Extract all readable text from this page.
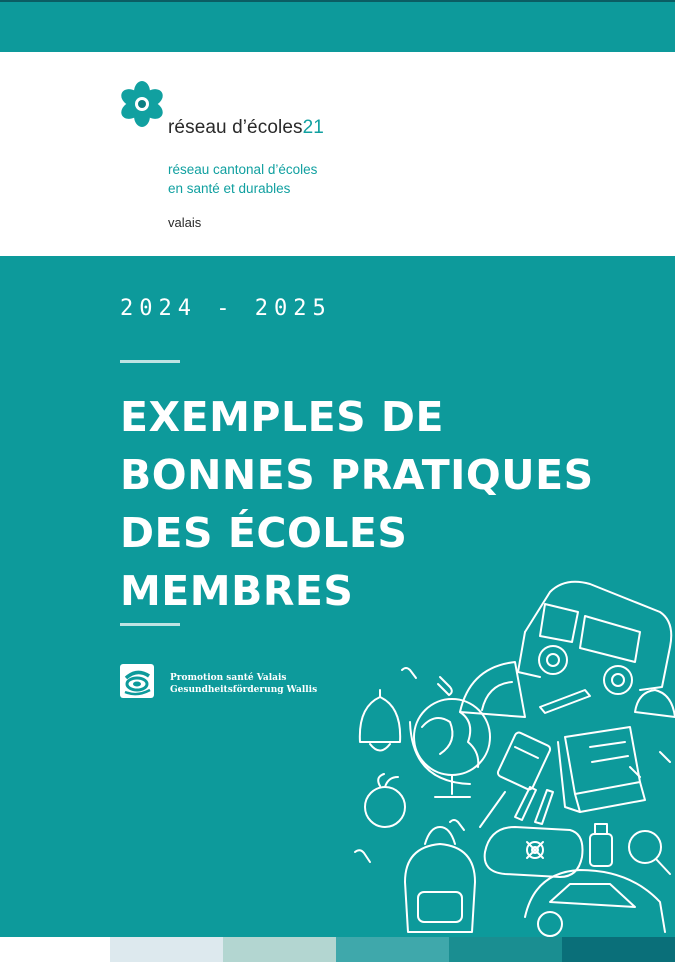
réseau d’écoles21
réseau cantonal d’écoles
en santé et durables
valais
2024 - 2025
EXEMPLES DE
BONNES PRATIQUES
DES ÉCOLES
MEMBRES
Promotion santé Valais
Gesundheitsförderung Wallis
